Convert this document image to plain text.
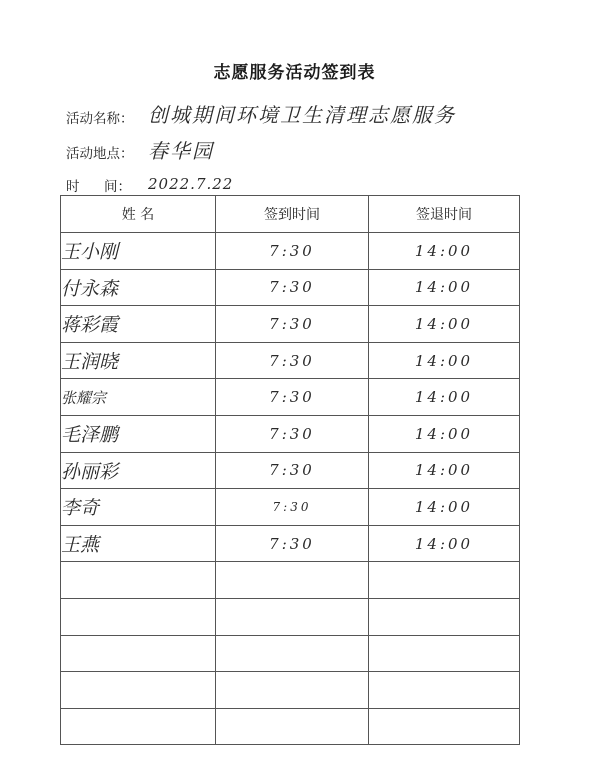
志愿服务活动签到表
活动名称： 创城期间环境卫生清理志愿服务
活动地点： 春华园
时 间： 2022.7.22
姓 名	签到时间	签退时间
王小刚	7:30	14:00
付永森	7:30	14:00
蒋彩霞	7:30	14:00
王润晓	7:30	14:00
张耀宗	7:30	14:00
毛泽鹏	7:30	14:00
孙丽彩	7:30	14:00
李奇	7:30	14:00
王燕	7:30	14:00
